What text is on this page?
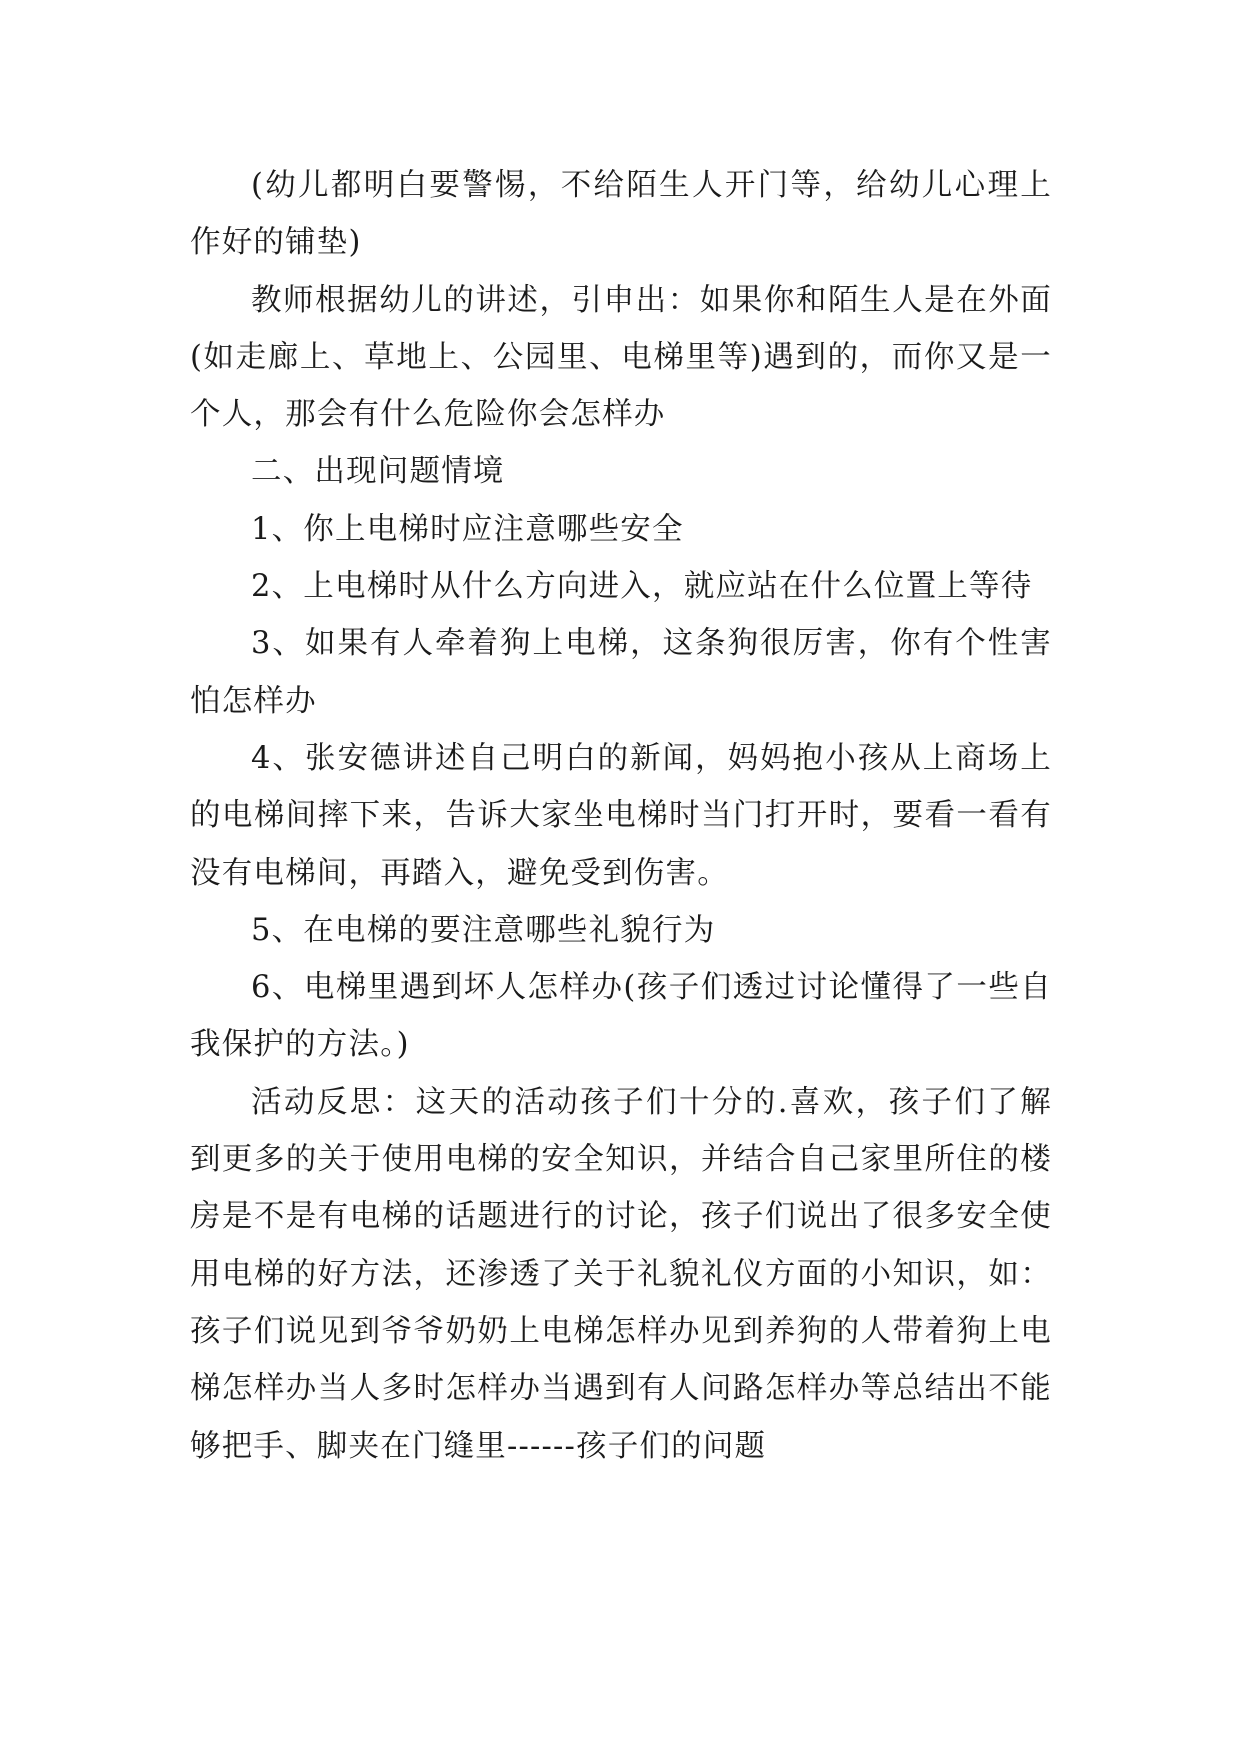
(幼儿都明白要警惕，不给陌生人开门等，给幼儿心理上作好的铺垫)

教师根据幼儿的讲述，引申出：如果你和陌生人是在外面(如走廊上、草地上、公园里、电梯里等)遇到的，而你又是一个人，那会有什么危险你会怎样办

二、出现问题情境

1、你上电梯时应注意哪些安全

2、上电梯时从什么方向进入，就应站在什么位置上等待

3、如果有人牵着狗上电梯，这条狗很厉害，你有个性害怕怎样办

4、张安德讲述自己明白的新闻，妈妈抱小孩从上商场上的电梯间摔下来，告诉大家坐电梯时当门打开时，要看一看有没有电梯间，再踏入，避免受到伤害。

5、在电梯的要注意哪些礼貌行为

6、电梯里遇到坏人怎样办(孩子们透过讨论懂得了一些自我保护的方法。)

活动反思：这天的活动孩子们十分的.喜欢，孩子们了解到更多的关于使用电梯的安全知识，并结合自己家里所住的楼房是不是有电梯的话题进行的讨论，孩子们说出了很多安全使用电梯的好方法，还渗透了关于礼貌礼仪方面的小知识，如：孩子们说见到爷爷奶奶上电梯怎样办见到养狗的人带着狗上电梯怎样办当人多时怎样办当遇到有人问路怎样办等总结出不能够把手、脚夹在门缝里------孩子们的问题
